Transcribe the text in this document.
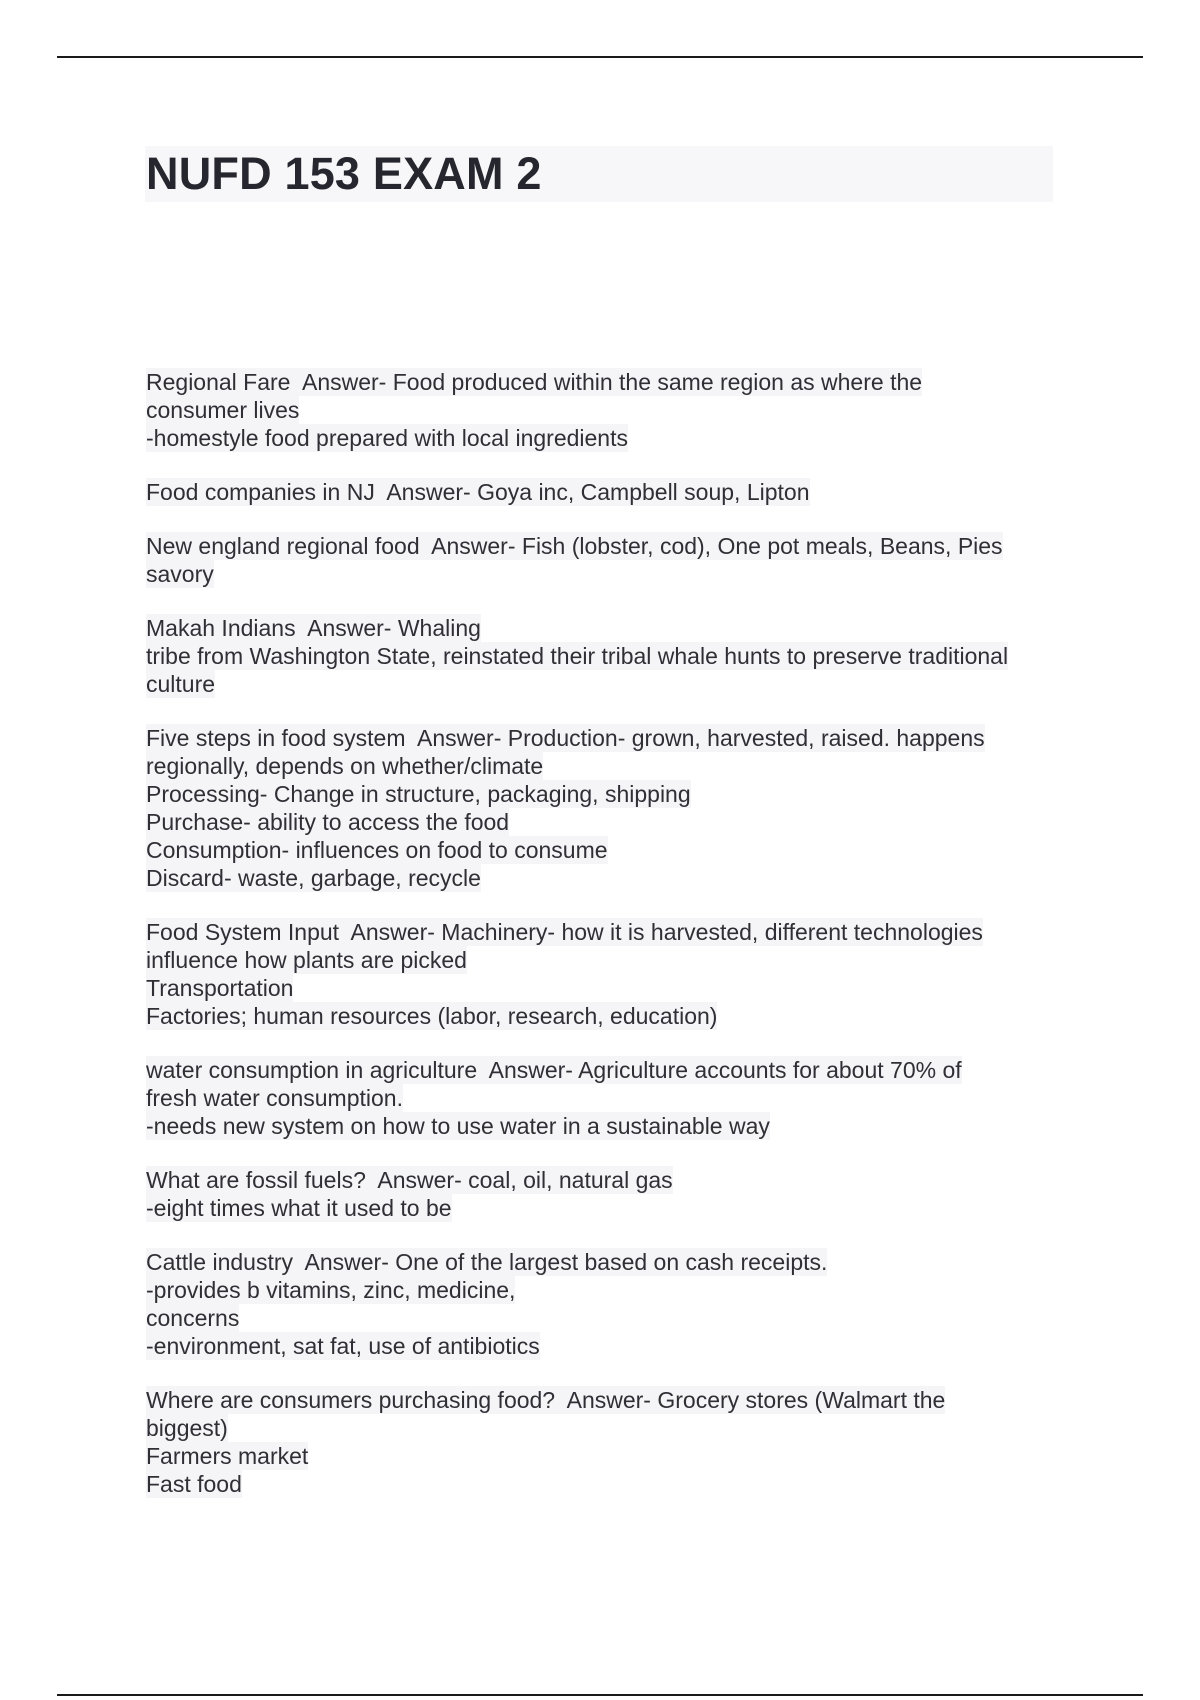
NUFD 153 EXAM 2
Regional Fare  Answer- Food produced within the same region as where the
consumer lives
-homestyle food prepared with local ingredients
Food companies in NJ  Answer- Goya inc, Campbell soup, Lipton
New england regional food  Answer- Fish (lobster, cod), One pot meals, Beans, Pies
savory
Makah Indians  Answer- Whaling
tribe from Washington State, reinstated their tribal whale hunts to preserve traditional
culture
Five steps in food system  Answer- Production- grown, harvested, raised. happens
regionally, depends on whether/climate
Processing- Change in structure, packaging, shipping
Purchase- ability to access the food
Consumption- influences on food to consume
Discard- waste, garbage, recycle
Food System Input  Answer- Machinery- how it is harvested, different technologies
influence how plants are picked
Transportation
Factories; human resources (labor, research, education)
water consumption in agriculture  Answer- Agriculture accounts for about 70% of
fresh water consumption.
-needs new system on how to use water in a sustainable way
What are fossil fuels?  Answer- coal, oil, natural gas
-eight times what it used to be
Cattle industry  Answer- One of the largest based on cash receipts.
-provides b vitamins, zinc, medicine,
concerns
-environment, sat fat, use of antibiotics
Where are consumers purchasing food?  Answer- Grocery stores (Walmart the
biggest)
Farmers market
Fast food
